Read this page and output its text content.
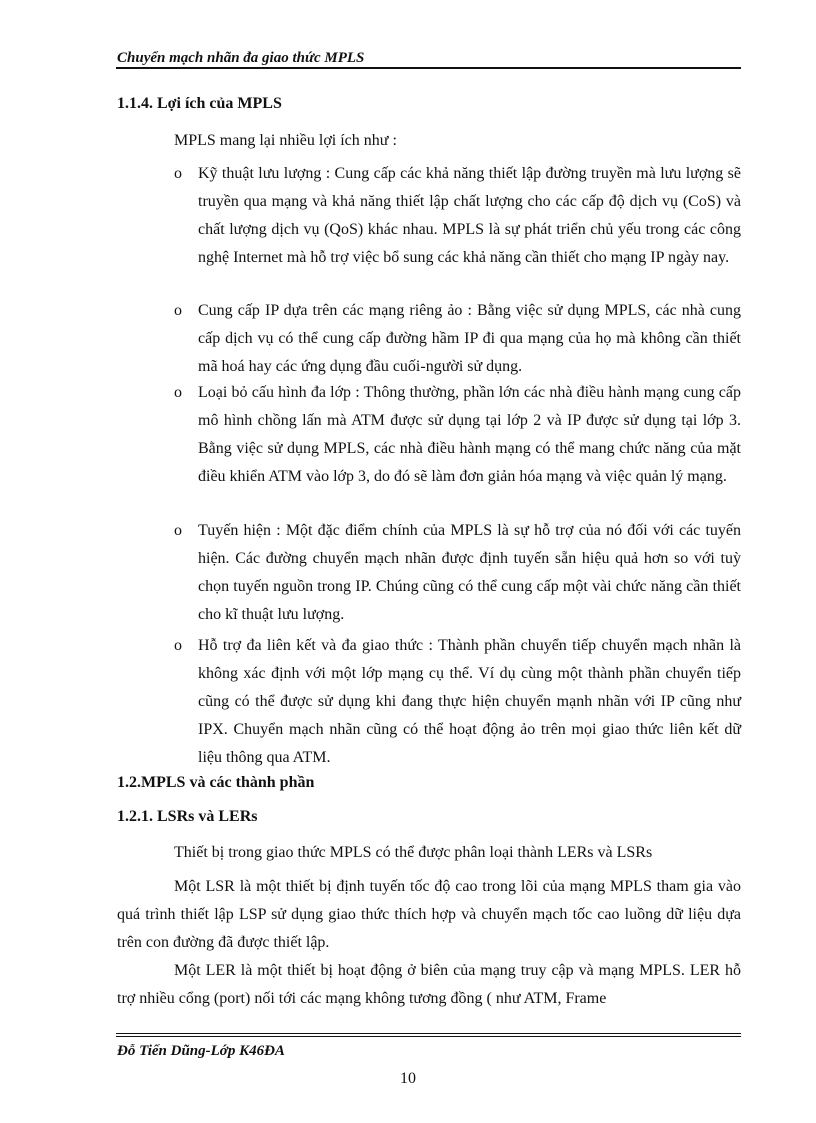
Chuyển mạch nhãn đa giao thức MPLS
1.1.4. Lợi ích của MPLS
MPLS mang lại nhiều lợi ích như :
o Kỹ thuật lưu lượng : Cung cấp các khả năng thiết lập đường truyền mà lưu lượng sẽ truyền qua mạng và khả năng thiết lập chất lượng cho các cấp độ dịch vụ (CoS) và chất lượng dịch vụ (QoS) khác nhau. MPLS là sự phát triển chủ yếu trong các công nghệ Internet mà hỗ trợ việc bổ sung các khả năng cần thiết cho mạng IP ngày nay.
o Cung cấp IP dựa trên các mạng riêng ảo : Bằng việc sử dụng MPLS, các nhà cung cấp dịch vụ có thể cung cấp đường hầm IP đi qua mạng của họ mà không cần thiết mã hoá hay các ứng dụng đầu cuối-người sử dụng.
o Loại bỏ cấu hình đa lớp : Thông thường, phần lớn các nhà điều hành mạng cung cấp mô hình chồng lấn mà ATM được sử dụng tại lớp 2 và IP được sử dụng tại lớp 3. Bằng việc sử dụng MPLS, các nhà điều hành mạng có thể mang chức năng của mặt điều khiển ATM vào lớp 3, do đó sẽ làm đơn giản hóa mạng và việc quản lý mạng.
o Tuyến hiện : Một đặc điểm chính của MPLS là sự hỗ trợ của nó đối với các tuyến hiện. Các đường chuyển mạch nhãn được định tuyến sẵn hiệu quả hơn so với tuỳ chọn tuyến nguồn trong IP. Chúng cũng có thể cung cấp một vài chức năng cần thiết cho kĩ thuật lưu lượng.
o Hỗ trợ đa liên kết và đa giao thức : Thành phần chuyển tiếp chuyển mạch nhãn là không xác định với một lớp mạng cụ thể. Ví dụ cùng một thành phần chuyển tiếp cũng có thể được sử dụng khi đang thực hiện chuyển mạnh nhãn với IP cũng như IPX. Chuyển mạch nhãn cũng có thể hoạt động ảo trên mọi giao thức liên kết dữ liệu thông qua ATM.
1.2.MPLS và các thành phần
1.2.1. LSRs và LERs
Thiết bị trong giao thức MPLS có thể được phân loại thành LERs và LSRs
Một LSR là một thiết bị định tuyến tốc độ cao trong lõi của mạng MPLS tham gia vào quá trình thiết lập LSP sử dụng giao thức thích hợp và chuyển mạch tốc cao luồng dữ liệu dựa trên con đường đã được thiết lập.
Một LER là một thiết bị hoạt động ở biên của mạng truy cập và mạng MPLS. LER hỗ trợ nhiều cổng (port) nối tới các mạng không tương đồng ( như ATM, Frame
Đỗ Tiến Dũng-Lớp K46ĐA
10
